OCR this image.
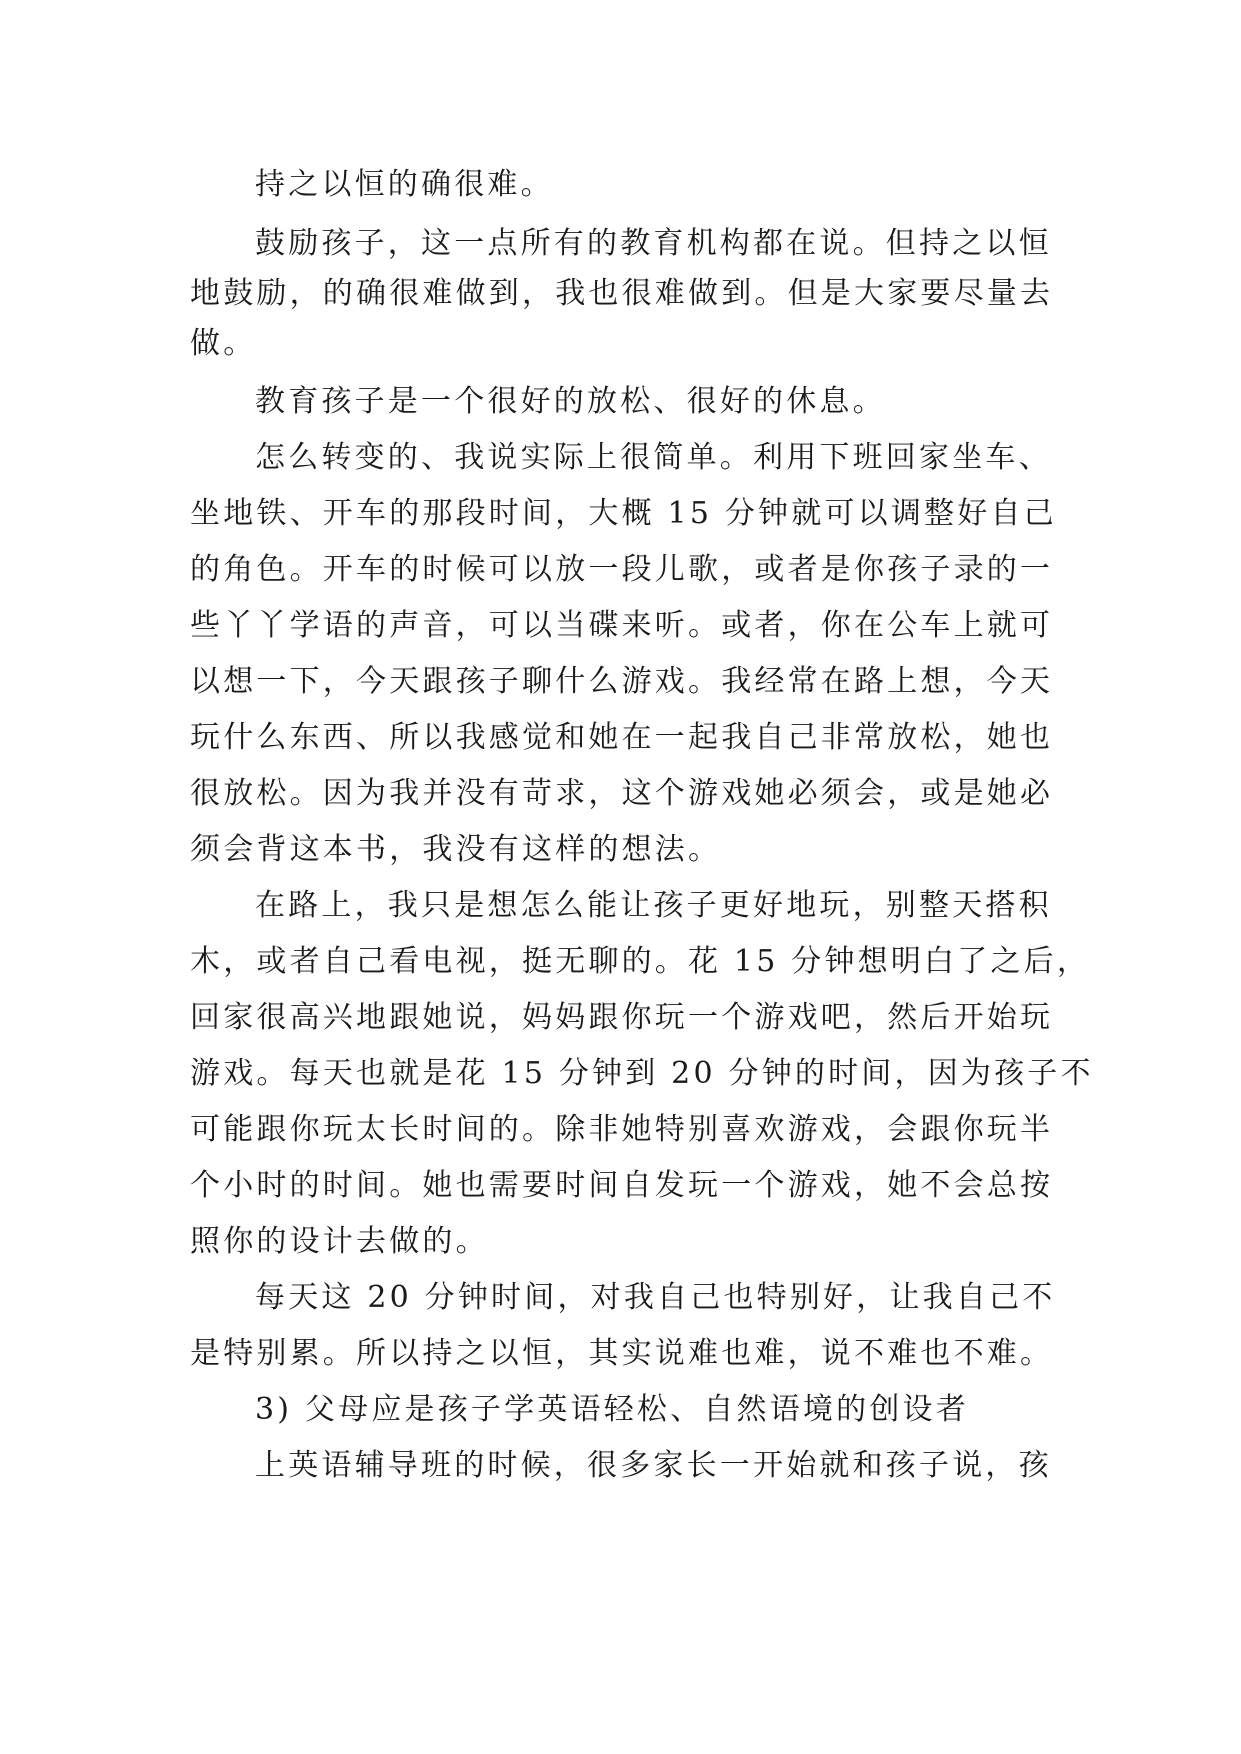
持之以恒的确很难。
鼓励孩子，这一点所有的教育机构都在说。但持之以恒
地鼓励，的确很难做到，我也很难做到。但是大家要尽量去
做。
教育孩子是一个很好的放松、很好的休息。
怎么转变的、我说实际上很简单。利用下班回家坐车、
坐地铁、开车的那段时间，大概 15 分钟就可以调整好自己
的角色。开车的时候可以放一段儿歌，或者是你孩子录的一
些丫丫学语的声音，可以当碟来听。或者，你在公车上就可
以想一下，今天跟孩子聊什么游戏。我经常在路上想，今天
玩什么东西、所以我感觉和她在一起我自己非常放松，她也
很放松。因为我并没有苛求，这个游戏她必须会，或是她必
须会背这本书，我没有这样的想法。
在路上，我只是想怎么能让孩子更好地玩，别整天搭积
木，或者自己看电视，挺无聊的。花 15 分钟想明白了之后，
回家很高兴地跟她说，妈妈跟你玩一个游戏吧，然后开始玩
游戏。每天也就是花 15 分钟到 20 分钟的时间，因为孩子不
可能跟你玩太长时间的。除非她特别喜欢游戏，会跟你玩半
个小时的时间。她也需要时间自发玩一个游戏，她不会总按
照你的设计去做的。
每天这 20 分钟时间，对我自己也特别好，让我自己不
是特别累。所以持之以恒，其实说难也难，说不难也不难。
3) 父母应是孩子学英语轻松、自然语境的创设者
上英语辅导班的时候，很多家长一开始就和孩子说，孩
